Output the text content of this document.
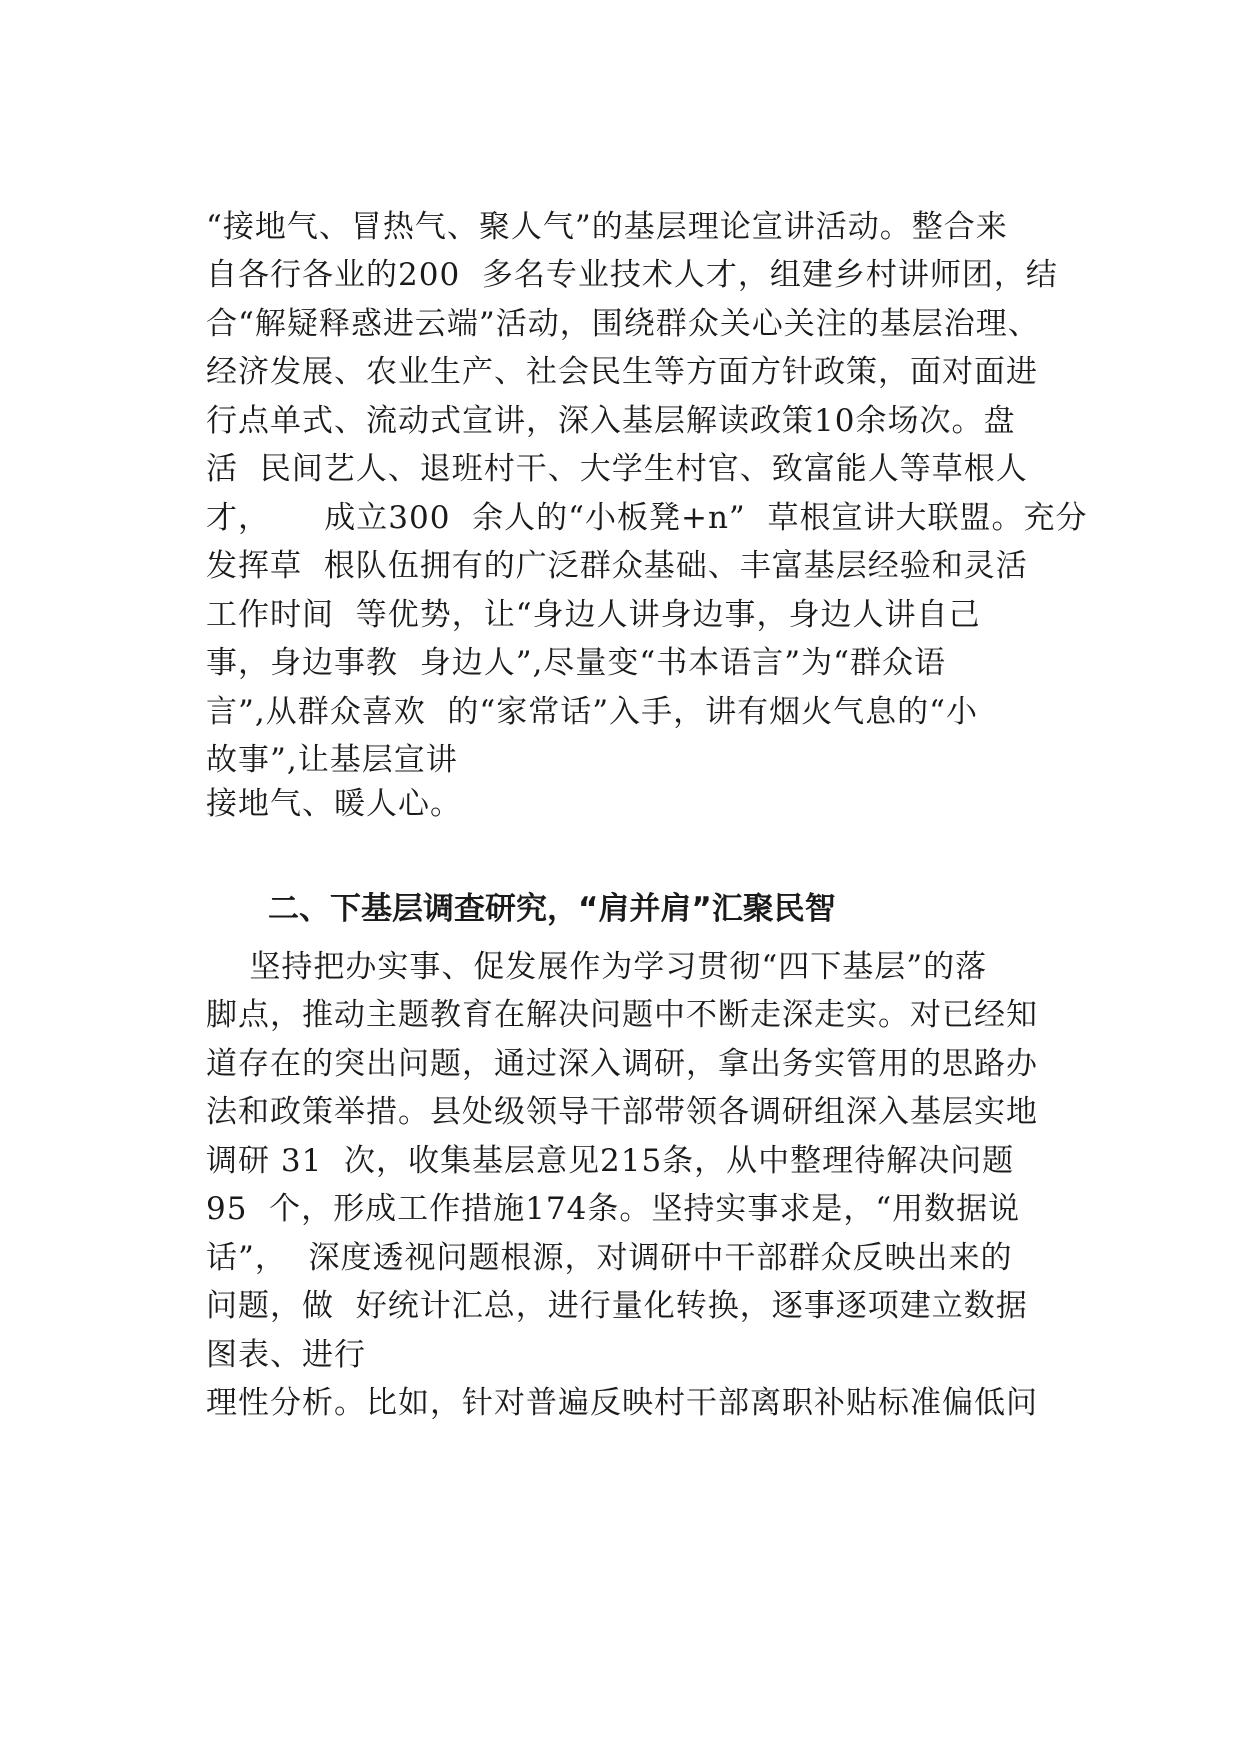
“接地气、冒热气、聚人气”的基层理论宣讲活动。整合来
自各行各业的200  多名专业技术人才，组建乡村讲师团，结
合“解疑释惑进云端”活动，围绕群众关心关注的基层治理、
经济发展、农业生产、社会民生等方面方针政策，面对面进
行点单式、流动式宣讲，深入基层解读政策10余场次。盘
活  民间艺人、退班村干、大学生村官、致富能人等草根人
才，     成立300  余人的“小板凳+n”  草根宣讲大联盟。充分
发挥草  根队伍拥有的广泛群众基础、丰富基层经验和灵活
工作时间  等优势，让“身边人讲身边事，身边人讲自己
事，身边事教  身边人”,尽量变“书本语言”为“群众语
言”,从群众喜欢  的“家常话”入手，讲有烟火气息的“小
故事”,让基层宣讲
接地气、暖人心。
二、下基层调查研究，“肩并肩”汇聚民智
坚持把办实事、促发展作为学习贯彻“四下基层”的落
脚点，推动主题教育在解决问题中不断走深走实。对已经知
道存在的突出问题，通过深入调研，拿出务实管用的思路办
法和政策举措。县处级领导干部带领各调研组深入基层实地
调研 31  次，收集基层意见215条，从中整理待解决问题
95  个，形成工作措施174条。坚持实事求是，“用数据说
话”，  深度透视问题根源，对调研中干部群众反映出来的
问题，做  好统计汇总，进行量化转换，逐事逐项建立数据
图表、进行
理性分析。比如，针对普遍反映村干部离职补贴标准偏低问
